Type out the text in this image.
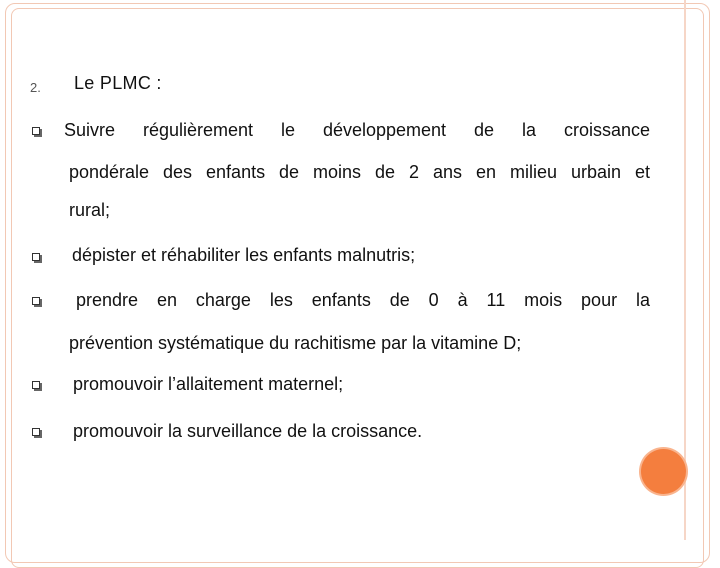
2. Le PLMC :
Suivre régulièrement le développement de la croissance
pondérale des enfants de moins de 2 ans en milieu urbain et
rural;
dépister et réhabiliter les enfants malnutris;
prendre en charge les enfants de 0 à 11 mois pour la
prévention systématique du rachitisme par la vitamine D;
promouvoir l’allaitement maternel;
promouvoir la surveillance de la croissance.
